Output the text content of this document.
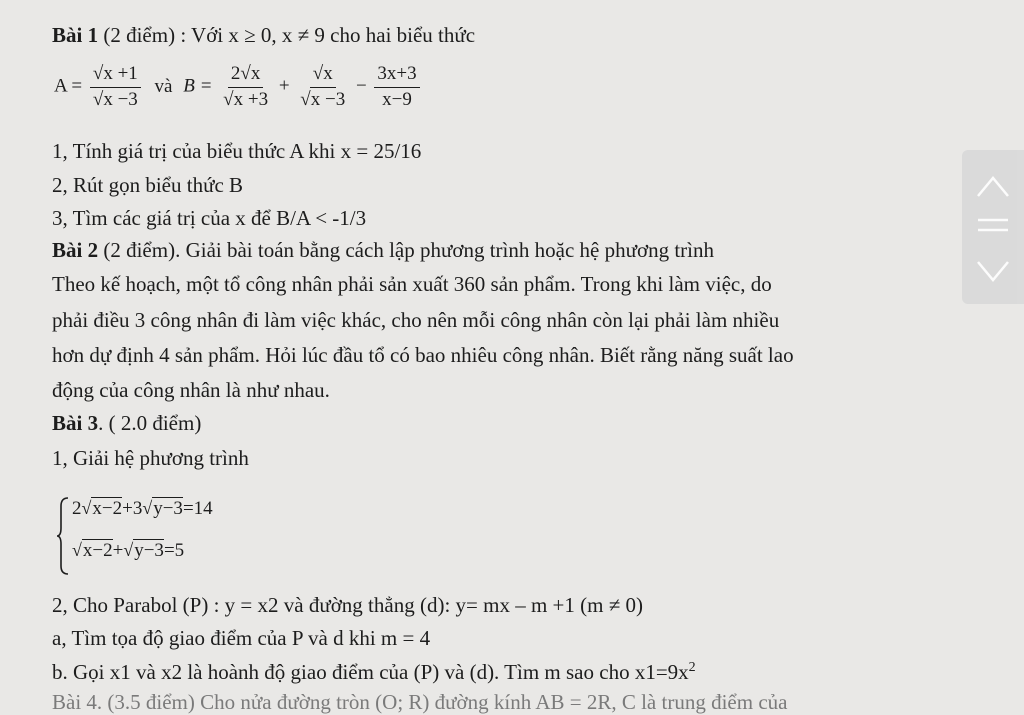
Bài 1 (2 điểm) : Với x ≥ 0, x ≠ 9 cho hai biểu thức
$A = \frac{√x +1}{√x -3}$ và $B = \frac{2√x}{√x +3} + \frac{√x}{√x -3} - \frac{3x+3}{x-9}$
1, Tính giá trị của biểu thức A khi x = 25/16
2, Rút gọn biểu thức B
3, Tìm các giá trị của x để B/A < -1/3
Bài 2 (2 điểm). Giải bài toán bằng cách lập phương trình hoặc hệ phương trình
Theo kế hoạch, một tổ công nhân phải sản xuất 360 sản phẩm. Trong khi làm việc, do
phải điều 3 công nhân đi làm việc khác, cho nên mỗi công nhân còn lại phải làm nhiều
hơn dự định 4 sản phẩm. Hỏi lúc đầu tổ có bao nhiêu công nhân. Biết rằng năng suất lao
động của công nhân là như nhau.
Bài 3. ( 2.0 điểm)
1, Giải hệ phương trình
2√x−2+3√y−3=14
√x−2+√y−3=5
2, Cho Parabol (P) : y = x2 và đường thẳng (d): y= mx – m +1 (m ≠ 0)
a, Tìm tọa độ giao điểm của P và d khi m = 4
b. Gọi x1 và x2 là hoành độ giao điểm của (P) và (d). Tìm m sao cho $x1=9x^2$
Bài 4. (3.5 điểm) Cho nửa đường tròn (O; R) đường kính AB = 2R, C là trung điểm của
